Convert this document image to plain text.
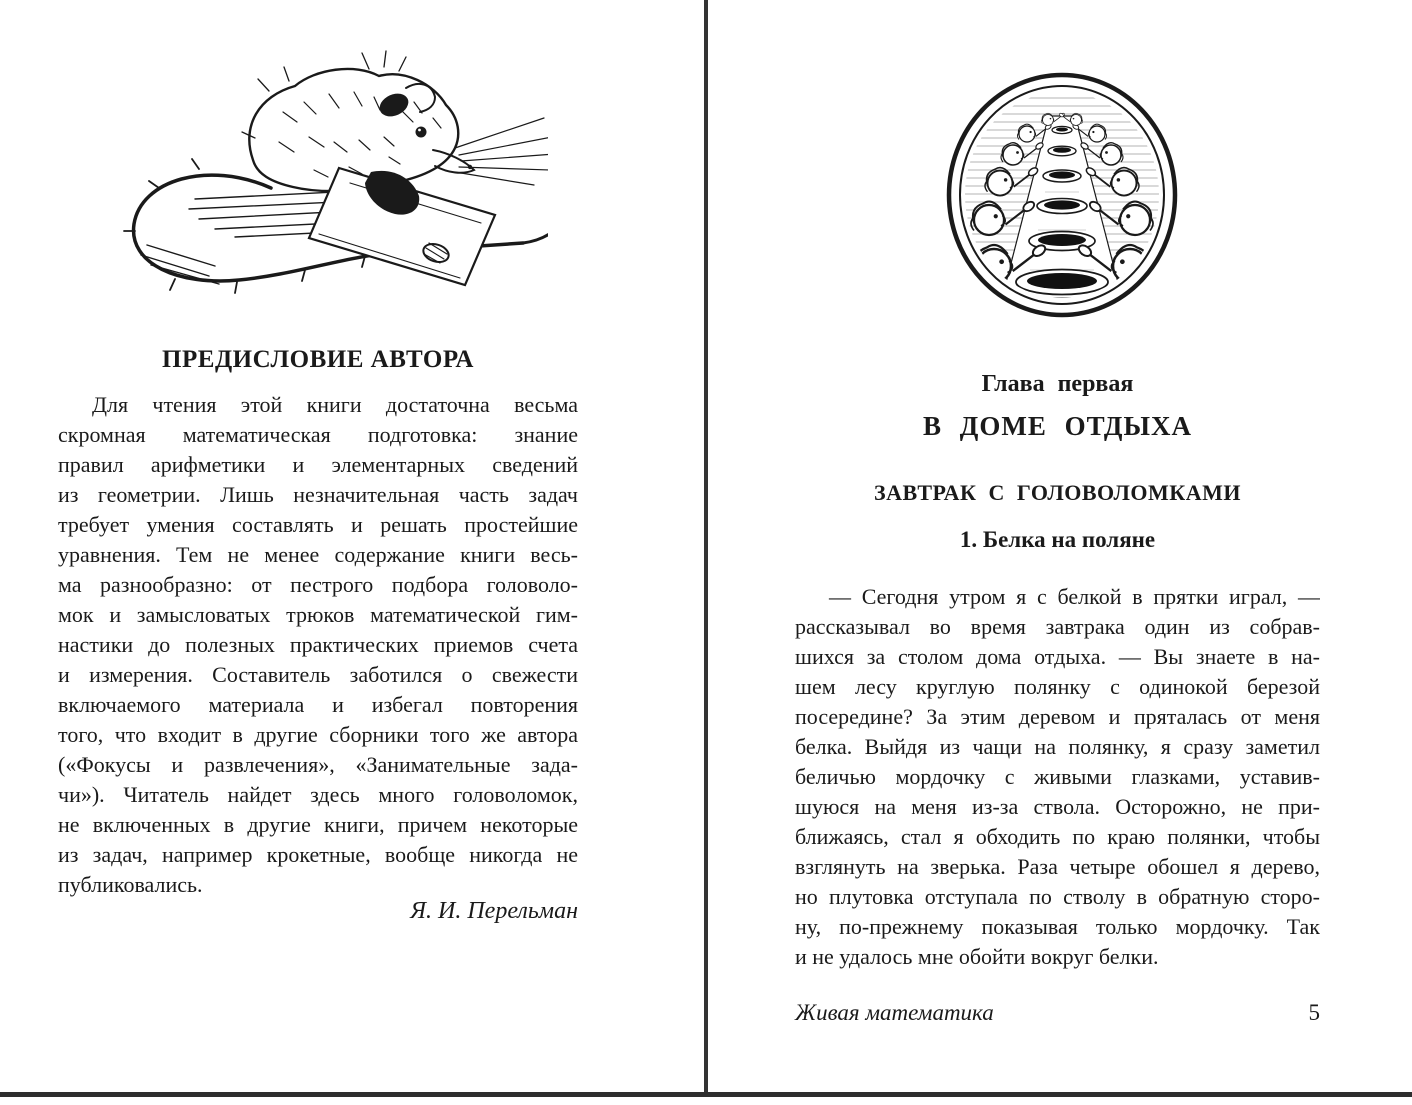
ПРЕДИСЛОВИЕ АВТОРА
Для чтения этой книги достаточна весьма
скромная математическая подготовка: знание
правил арифметики и элементарных сведений
из геометрии. Лишь незначительная часть задач
требует умения составлять и решать простейшие
уравнения. Тем не менее содержание книги весь-
ма разнообразно: от пестрого подбора головоло-
мок и замысловатых трюков математической гим-
настики до полезных практических приемов счета
и измерения. Составитель заботился о свежести
включаемого материала и избегал повторения
того, что входит в другие сборники того же автора
(«Фокусы и развлечения», «Занимательные зада-
чи»). Читатель найдет здесь много головоломок,
не включенных в другие книги, причем некоторые
из задач, например крокетные, вообще никогда не
публиковались.
Я. И. Перельман
Глава первая
В ДОМЕ ОТДЫХА
ЗАВТРАК С ГОЛОВОЛОМКАМИ
1. Белка на поляне
— Сегодня утром я с белкой в прятки играл, —
рассказывал во время завтрака один из собрав-
шихся за столом дома отдыха. — Вы знаете в на-
шем лесу круглую полянку с одинокой березой
посередине? За этим деревом и пряталась от меня
белка. Выйдя из чащи на полянку, я сразу заметил
беличью мордочку с живыми глазками, уставив-
шуюся на меня из-за ствола. Осторожно, не при-
ближаясь, стал я обходить по краю полянки, чтобы
взглянуть на зверька. Раза четыре обошел я дерево,
но плутовка отступала по стволу в обратную сторо-
ну, по-прежнему показывая только мордочку. Так
и не удалось мне обойти вокруг белки.
Живая математика	5
